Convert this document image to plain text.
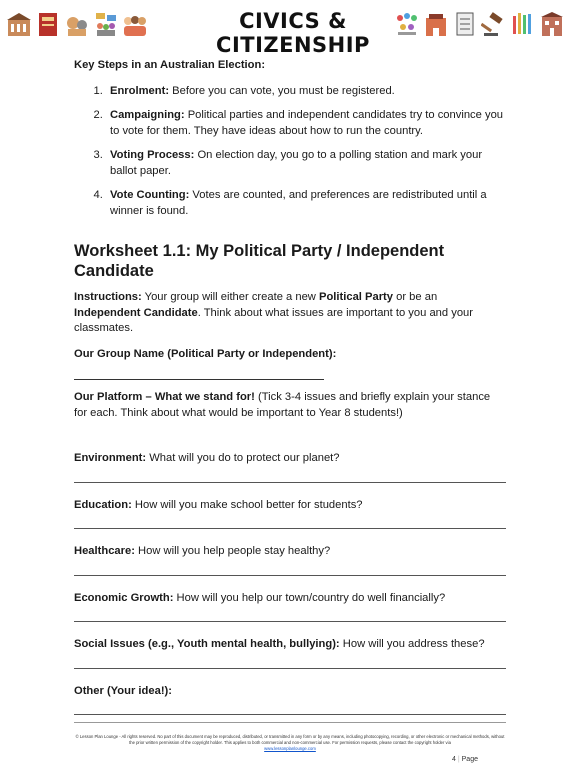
CIVICS & CITIZENSHIP
Key Steps in an Australian Election:
1. Enrolment: Before you can vote, you must be registered.
2. Campaigning: Political parties and independent candidates try to convince you to vote for them. They have ideas about how to run the country.
3. Voting Process: On election day, you go to a polling station and mark your ballot paper.
4. Vote Counting: Votes are counted, and preferences are redistributed until a winner is found.
Worksheet 1.1: My Political Party / Independent Candidate

Instructions: Your group will either create a new Political Party or be an Independent Candidate. Think about what issues are important to you and your classmates.

Our Group Name (Political Party or Independent):

Our Platform – What we stand for! (Tick 3-4 issues and briefly explain your stance for each. Think about what would be important to Year 8 students!)

Environment: What will you do to protect our planet?

Education: How will you make school better for students?

Healthcare: How will you help people stay healthy?

Economic Growth: How will you help our town/country do well financially?

Social Issues (e.g., Youth mental health, bullying): How will you address these?

Other (Your idea!):

© Lesson Plan Lounge - All rights reserved. No part of this document may be reproduced, distributed, or transmitted in any form or by any means, including photocopying, recording, or other electronic or mechanical methods, without the prior written permission of the copyright holder. This applies to both commercial and non-commercial use. For permission requests, please contact the copyright holder via
www.lessonplanlounge.com
4 | Page
